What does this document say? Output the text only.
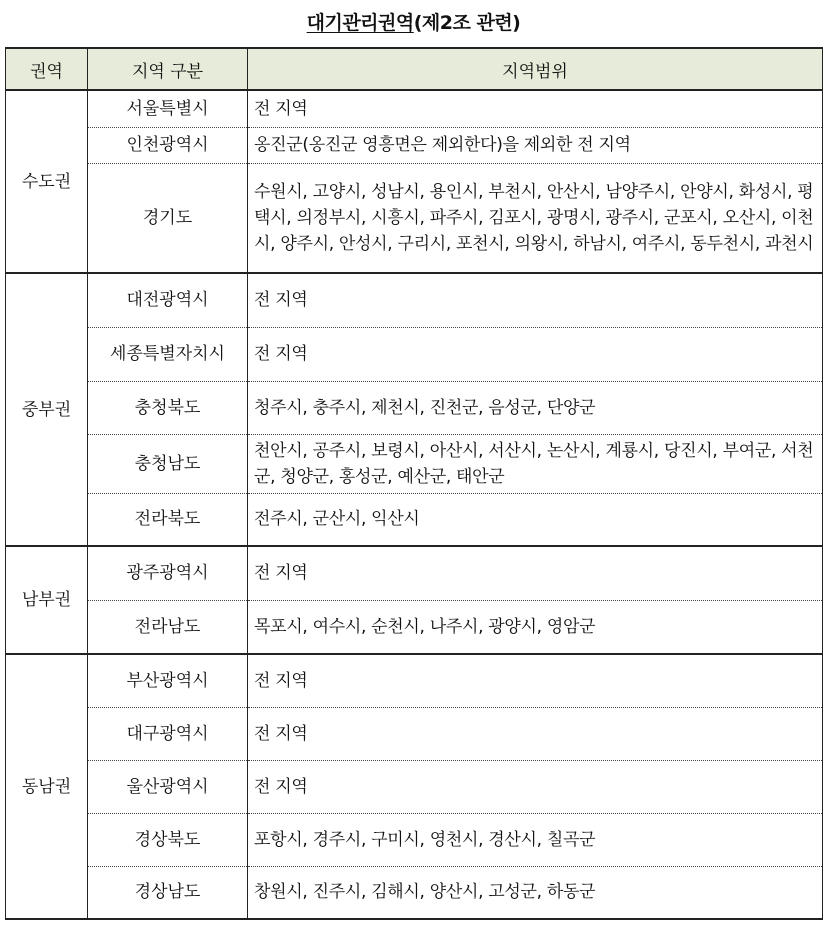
대기관리권역(제2조 관련)
권역	지역 구분	지역범위
수도권	서울특별시	전 지역
	인천광역시	옹진군(옹진군 영흥면은 제외한다)을 제외한 전 지역
	경기도	수원시, 고양시, 성남시, 용인시, 부천시, 안산시, 남양주시, 안양시, 화성시, 평택시, 의정부시, 시흥시, 파주시, 김포시, 광명시, 광주시, 군포시, 오산시, 이천시, 양주시, 안성시, 구리시, 포천시, 의왕시, 하남시, 여주시, 동두천시, 과천시
중부권	대전광역시	전 지역
	세종특별자치시	전 지역
	충청북도	청주시, 충주시, 제천시, 진천군, 음성군, 단양군
	충청남도	천안시, 공주시, 보령시, 아산시, 서산시, 논산시, 계룡시, 당진시, 부여군, 서천군, 청양군, 홍성군, 예산군, 태안군
	전라북도	전주시, 군산시, 익산시
남부권	광주광역시	전 지역
	전라남도	목포시, 여수시, 순천시, 나주시, 광양시, 영암군
동남권	부산광역시	전 지역
	대구광역시	전 지역
	울산광역시	전 지역
	경상북도	포항시, 경주시, 구미시, 영천시, 경산시, 칠곡군
	경상남도	창원시, 진주시, 김해시, 양산시, 고성군, 하동군
